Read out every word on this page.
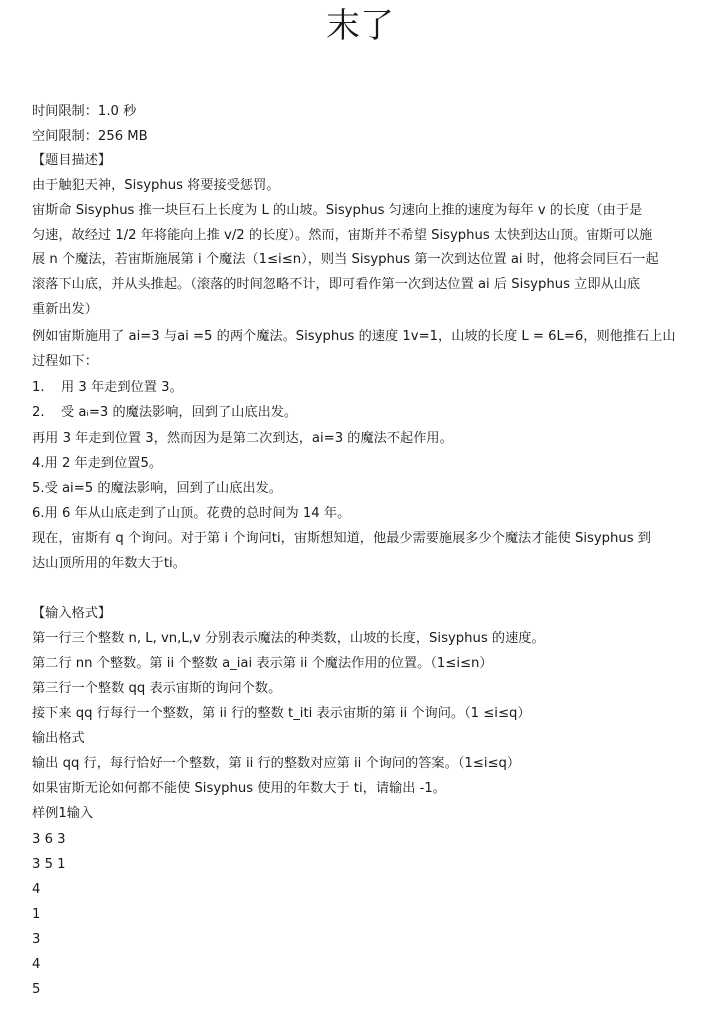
末了
时间限制：1.0 秒
空间限制：256 MB
【题目描述】
由于触犯天神，Sisyphus 将要接受惩罚。
宙斯命 Sisyphus 推一块巨石上长度为 L 的山坡。Sisyphus 匀速向上推的速度为每年 v 的长度（由于是
匀速，故经过 1/2 年将能向上推 v/2 的长度）。然而，宙斯并不希望 Sisyphus 太快到达山顶。宙斯可以施
展 n 个魔法，若宙斯施展第 i 个魔法（1≤i≤n），则当 Sisyphus 第一次到达位置 ai 时，他将会同巨石一起
滚落下山底，并从头推起。（滚落的时间忽略不计，即可看作第一次到达位置 ai 后 Sisyphus 立即从山底
重新出发）
例如宙斯施用了 ai=3 与ai =5 的两个魔法。Sisyphus 的速度 1v=1，山坡的长度 L = 6L=6，则他推石上山
过程如下：
1. 用 3 年走到位置 3。
2. 受 aᵢ=3 的魔法影响，回到了山底出发。
再用 3 年走到位置 3，然而因为是第二次到达，ai=3 的魔法不起作用。
4.用 2 年走到位置5。
5.受 ai=5 的魔法影响，回到了山底出发。
6.用 6 年从山底走到了山顶。花费的总时间为 14 年。
现在，宙斯有 q 个询问。对于第 i 个询问ti，宙斯想知道，他最少需要施展多少个魔法才能使 Sisyphus 到
达山顶所用的年数大于ti。
【输入格式】
第一行三个整数 n, L, vn,L,v 分别表示魔法的种类数，山坡的长度，Sisyphus 的速度。
第二行 nn 个整数。第 ii 个整数 a_iai 表示第 ii 个魔法作用的位置。（1≤i≤n）
第三行一个整数 qq 表示宙斯的询问个数。
接下来 qq 行每行一个整数，第 ii 行的整数 t_iti 表示宙斯的第 ii 个询问。（1 ≤i≤q）
输出格式
输出 qq 行，每行恰好一个整数，第 ii 行的整数对应第 ii 个询问的答案。（1≤i≤q）
如果宙斯无论如何都不能使 Sisyphus 使用的年数大于 ti，请输出 -1。
样例1输入
3 6 3
3 5 1
4
1
3
4
5
